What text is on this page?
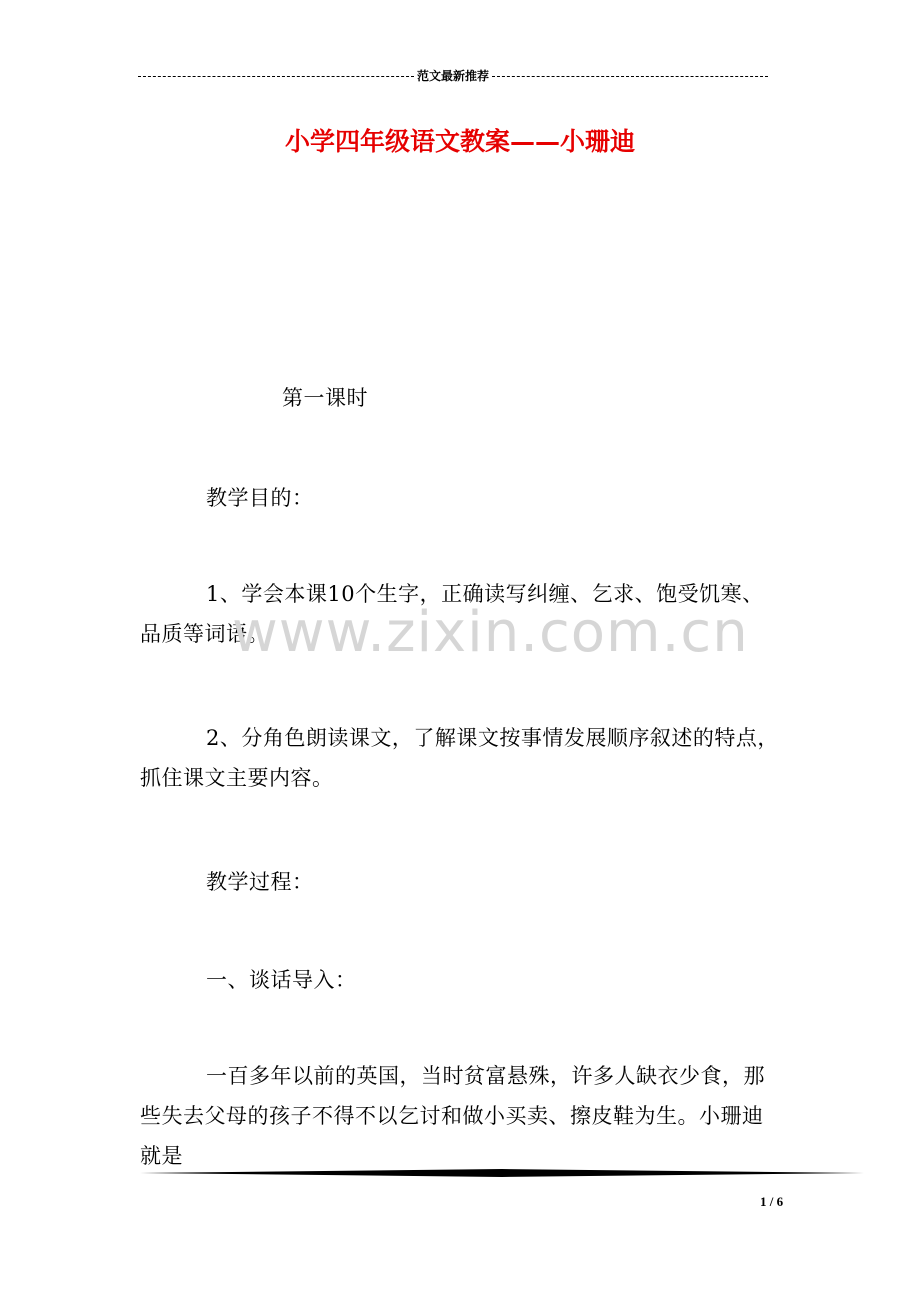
范文最新推荐
小学四年级语文教案——小珊迪
第一课时
教学目的：
1、学会本课10个生字，正确读写纠缠、乞求、饱受饥寒、品质等词语。
2、分角色朗读课文，了解课文按事情发展顺序叙述的特点，抓住课文主要内容。
教学过程：
一、谈话导入：
一百多年以前的英国，当时贫富悬殊，许多人缺衣少食，那些失去父母的孩子不得不以乞讨和做小买卖、擦皮鞋为生。小珊迪就是
www.zixin.com.cn
1 / 6
